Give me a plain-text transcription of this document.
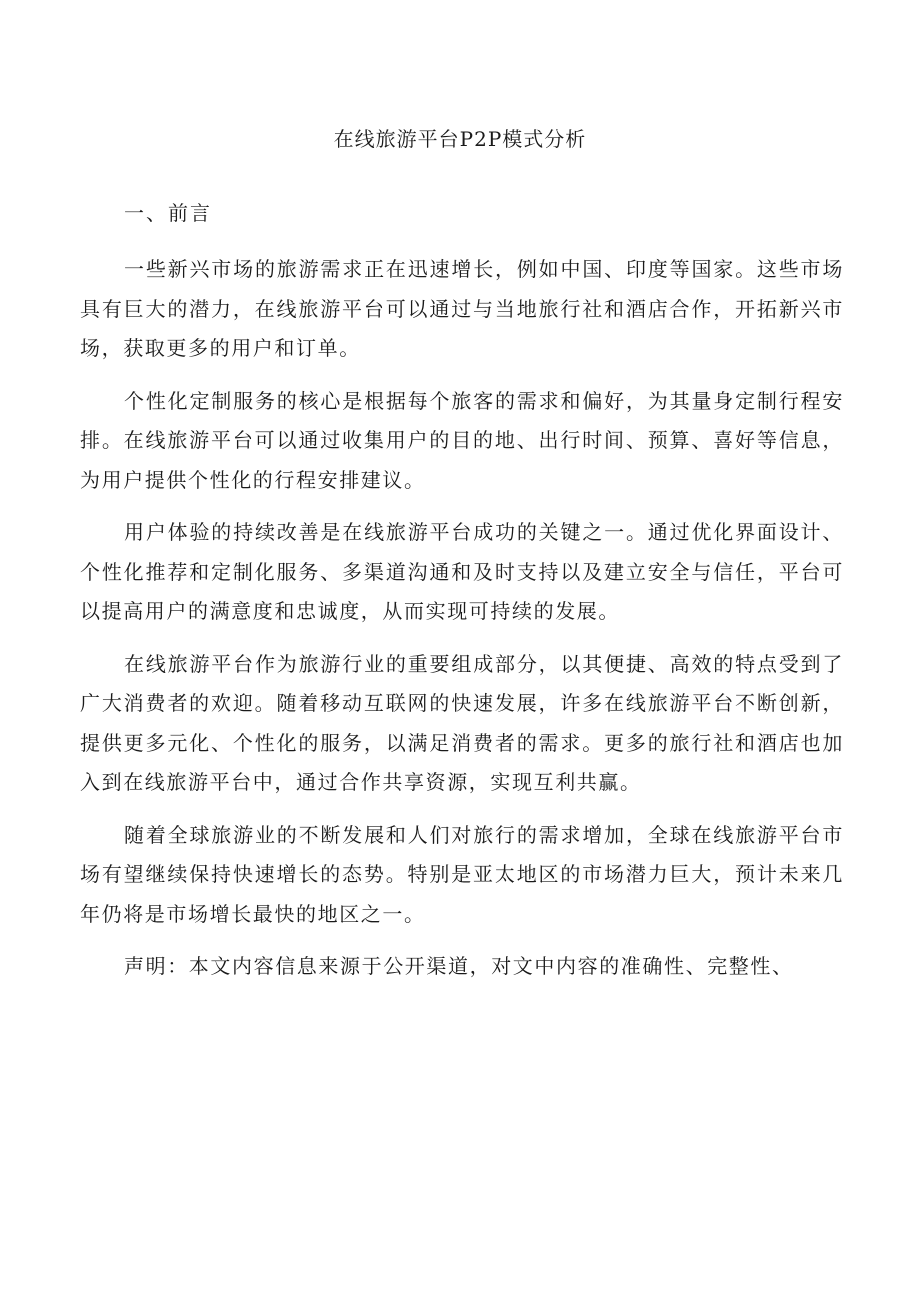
在线旅游平台P2P模式分析
一、前言

一些新兴市场的旅游需求正在迅速增长，例如中国、印度等国家。这些市场具有巨大的潜力，在线旅游平台可以通过与当地旅行社和酒店合作，开拓新兴市场，获取更多的用户和订单。

个性化定制服务的核心是根据每个旅客的需求和偏好，为其量身定制行程安排。在线旅游平台可以通过收集用户的目的地、出行时间、预算、喜好等信息，为用户提供个性化的行程安排建议。

用户体验的持续改善是在线旅游平台成功的关键之一。通过优化界面设计、个性化推荐和定制化服务、多渠道沟通和及时支持以及建立安全与信任，平台可以提高用户的满意度和忠诚度，从而实现可持续的发展。

在线旅游平台作为旅游行业的重要组成部分，以其便捷、高效的特点受到了广大消费者的欢迎。随着移动互联网的快速发展，许多在线旅游平台不断创新，提供更多元化、个性化的服务，以满足消费者的需求。更多的旅行社和酒店也加入到在线旅游平台中，通过合作共享资源，实现互利共赢。

随着全球旅游业的不断发展和人们对旅行的需求增加，全球在线旅游平台市场有望继续保持快速增长的态势。特别是亚太地区的市场潜力巨大，预计未来几年仍将是市场增长最快的地区之一。

声明：本文内容信息来源于公开渠道，对文中内容的准确性、完整性、
